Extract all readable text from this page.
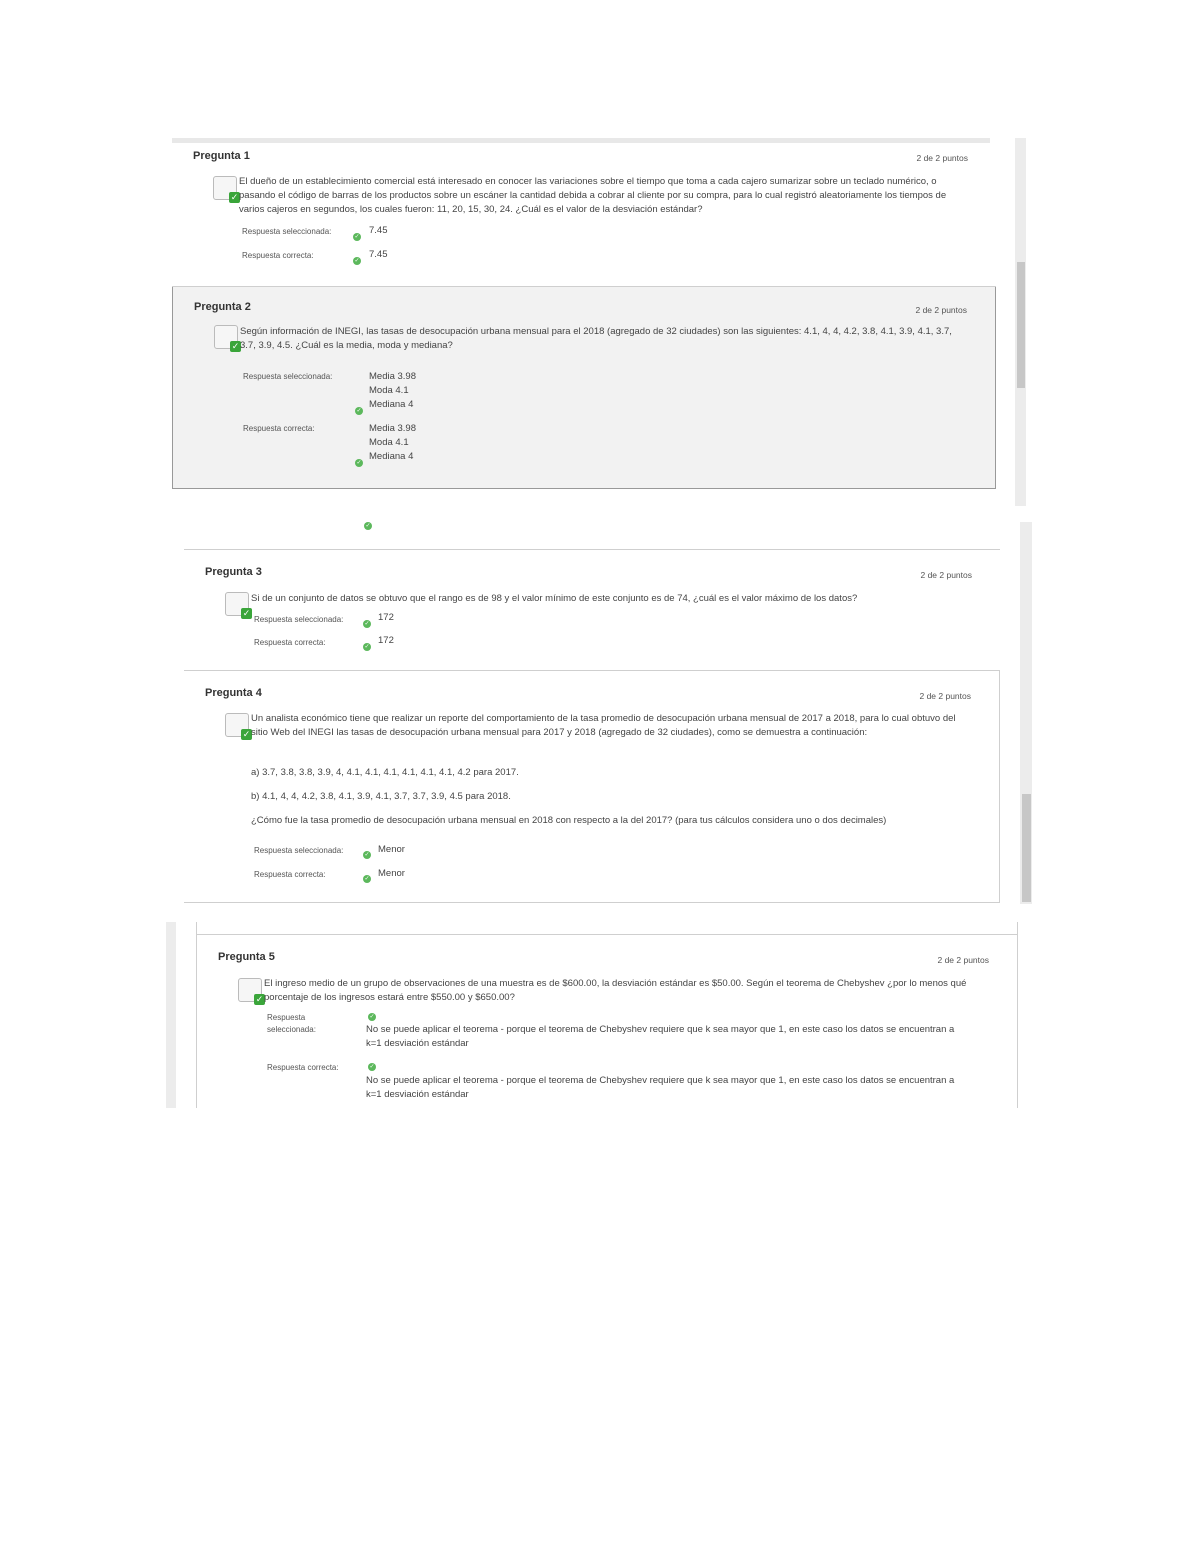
Pregunta 1	2 de 2 puntos
✓
El dueño de un establecimiento comercial está interesado en conocer las variaciones sobre el tiempo que toma a cada cajero sumarizar sobre un teclado numérico, o pasando el código de barras de los productos sobre un escáner la cantidad debida a cobrar al cliente por su compra, para lo cual registró aleatoriamente los tiempos de varios cajeros en segundos, los cuales fueron: 11, 20, 15, 30, 24. ¿Cuál es el valor de la desviación estándar?
Respuesta seleccionada:
✓
7.45
Respuesta correcta:
✓
7.45
Pregunta 2	2 de 2 puntos
✓
Según información de INEGI, las tasas de desocupación urbana mensual para el 2018 (agregado de 32 ciudades) son las siguientes: 4.1, 4, 4, 4.2, 3.8, 4.1, 3.9, 4.1, 3.7, 3.7, 3.9, 4.5. ¿Cuál es la media, moda y mediana?
Respuesta seleccionada:	Media 3.98
Moda 4.1
Mediana 4
✓
Respuesta correcta:	Media 3.98
Moda 4.1
Mediana 4
✓
✓
Pregunta 3	2 de 2 puntos
✓
Si de un conjunto de datos se obtuvo que el rango es de 98 y el valor mínimo de este conjunto es de 74, ¿cuál es el valor máximo de los datos?
Respuesta seleccionada:	✓
172
Respuesta correcta:	✓
172
Pregunta 4	2 de 2 puntos
✓
Un analista económico tiene que realizar un reporte del comportamiento de la tasa promedio de desocupación urbana mensual de 2017 a 2018, para lo cual obtuvo del sitio Web del INEGI las tasas de desocupación urbana mensual para 2017 y 2018 (agregado de 32 ciudades), como se demuestra a continuación:
a) 3.7, 3.8, 3.8, 3.9, 4, 4.1, 4.1, 4.1, 4.1, 4.1, 4.1, 4.2 para 2017.
b) 4.1, 4, 4, 4.2, 3.8, 4.1, 3.9, 4.1, 3.7, 3.7, 3.9, 4.5 para 2018.
¿Cómo fue la tasa promedio de desocupación urbana mensual en 2018 con respecto a la del 2017? (para tus cálculos considera uno o dos decimales)
Respuesta seleccionada:	✓ Menor
Respuesta correcta:	✓ Menor
Pregunta 5	2 de 2 puntos
✓
El ingreso medio de un grupo de observaciones de una muestra es de $600.00, la desviación estándar es $50.00. Según el teorema de Chebyshev ¿por lo menos qué porcentaje de los ingresos estará entre $550.00 y $650.00?
Respuesta
seleccionada:
✓
No se puede aplicar el teorema - porque el teorema de Chebyshev requiere que k sea mayor que 1, en este caso los datos se encuentran a k=1 desviación estándar
Respuesta correcta:	✓
No se puede aplicar el teorema - porque el teorema de Chebyshev requiere que k sea mayor que 1, en este caso los datos se encuentran a k=1 desviación estándar
